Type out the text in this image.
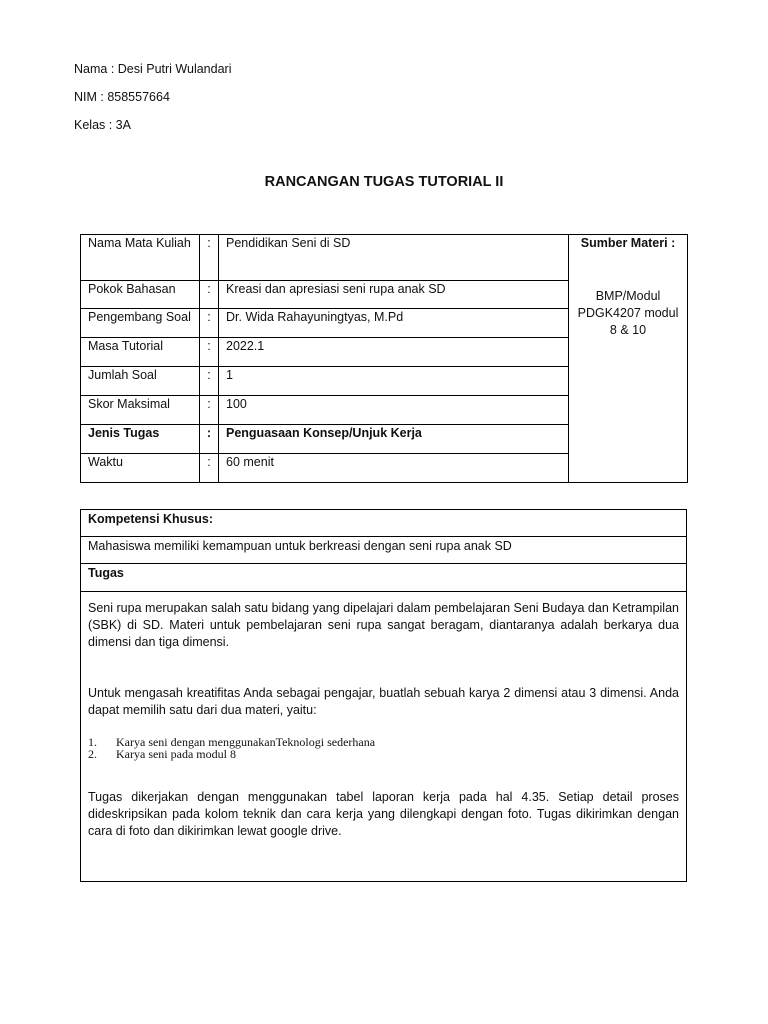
Nama : Desi Putri Wulandari
NIM : 858557664
Kelas : 3A
RANCANGAN TUGAS TUTORIAL II
Nama Mata Kuliah	:	Pendidikan Seni di SD	Sumber Materi :
BMP/Modul PDGK4207 modul 8 & 10

Pokok Bahasan	:	Kreasi dan apresiasi seni rupa anak SD	
Pengembang Soal	:	Dr. Wida Rahayuningtyas, M.Pd	
Masa Tutorial	:	2022.1	
Jumlah Soal	:	1	
Skor Maksimal	:	100	
Jenis Tugas	:	Penguasaan Konsep/Unjuk Kerja	
Waktu	:	60 menit	
Kompetensi Khusus:
Mahasiswa memiliki kemampuan untuk berkreasi dengan seni rupa anak SD
Tugas

Seni rupa merupakan salah satu bidang yang dipelajari dalam pembelajaran Seni Budaya dan Ketrampilan (SBK) di SD. Materi untuk pembelajaran seni rupa sangat beragam, diantaranya adalah berkarya dua dimensi dan tiga dimensi.

Untuk mengasah kreatifitas Anda sebagai pengajar, buatlah sebuah karya 2 dimensi atau 3 dimensi. Anda dapat memilih satu dari dua materi, yaitu:

1.	Karya seni dengan menggunakanTeknologi sederhana
2.	Karya seni pada modul 8

Tugas dikerjakan dengan menggunakan tabel laporan kerja pada hal 4.35. Setiap detail proses dideskripsikan pada kolom teknik dan cara kerja yang dilengkapi dengan foto. Tugas dikirimkan dengan cara di foto dan dikirimkan lewat google drive.
